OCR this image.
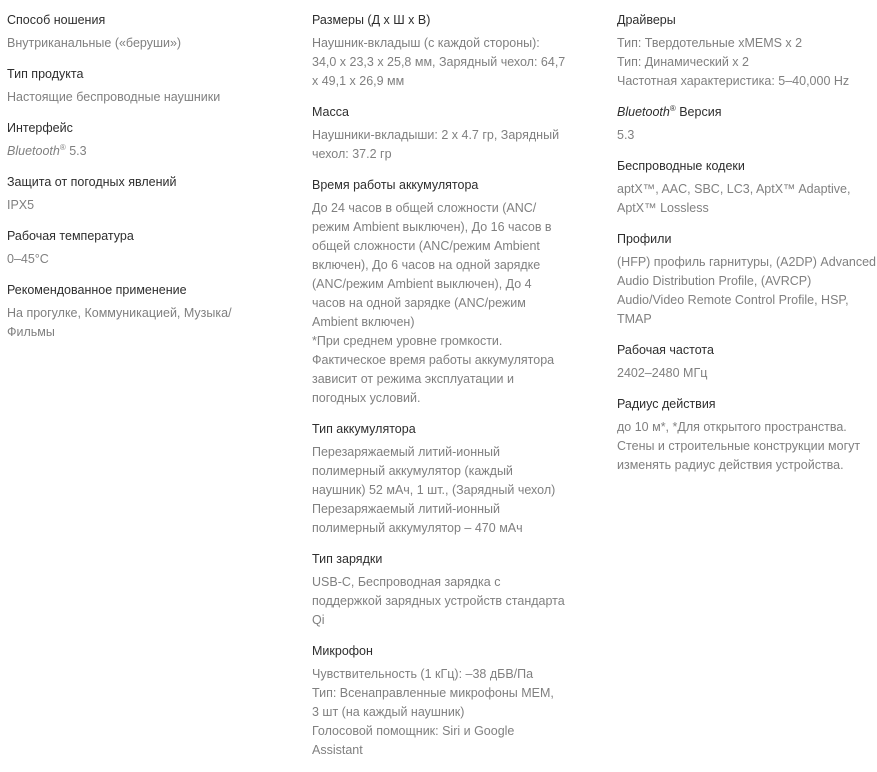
Способ ношения
Внутриканальные («беруши»)
Тип продукта
Настоящие беспроводные наушники
Интерфейс
Bluetooth® 5.3
Защита от погодных явлений
IPX5
Рабочая температура
0–45°C
Рекомендованное применение
На прогулке, Коммуникацией, Музыка/
Фильмы
Размеры (Д x Ш x В)
Наушник-вкладыш (с каждой стороны):
34,0 x 23,3 x 25,8 мм, Зарядный чехол: 64,7
x 49,1 x 26,9 мм
Масса
Наушники-вкладыши: 2 x 4.7 гр, Зарядный
чехол: 37.2 гр
Время работы аккумулятора
До 24 часов в общей сложности (ANC/
режим Ambient выключен), До 16 часов в
общей сложности (ANC/режим Ambient
включен), До 6 часов на одной зарядке
(ANC/режим Ambient выключен), До 4
часов на одной зарядке (ANC/режим
Ambient включен)
*При среднем уровне громкости.
Фактическое время работы аккумулятора
зависит от режима эксплуатации и
погодных условий.
Тип аккумулятора
Перезаряжаемый литий-ионный
полимерный аккумулятор (каждый
наушник) 52 мАч, 1 шт., (Зарядный чехол)
Перезаряжаемый литий-ионный
полимерный аккумулятор – 470 мАч
Тип зарядки
USB-C, Беспроводная зарядка с
поддержкой зарядных устройств стандарта
Qi
Микрофон
Чувствительность (1 кГц): –38 дБВ/Па
Тип: Всенаправленные микрофоны MEM,
3 шт (на каждый наушник)
Голосовой помощник: Siri и Google
Assistant
Драйверы
Тип: Твердотельные xMEMS x 2
Тип: Динамический x 2
Частотная характеристика: 5–40,000 Hz
Bluetooth® Версия
5.3
Беспроводные кодеки
aptX™, AAC, SBC, LC3, AptX™ Adaptive,
AptX™ Lossless
Профили
(HFP) профиль гарнитуры, (A2DP) Advanced
Audio Distribution Profile, (AVRCP)
Audio/Video Remote Control Profile, HSP,
TMAP
Рабочая частота
2402–2480 МГц
Радиус действия
до 10 м*, *Для открытого пространства.
Стены и строительные конструкции могут
изменять радиус действия устройства.
